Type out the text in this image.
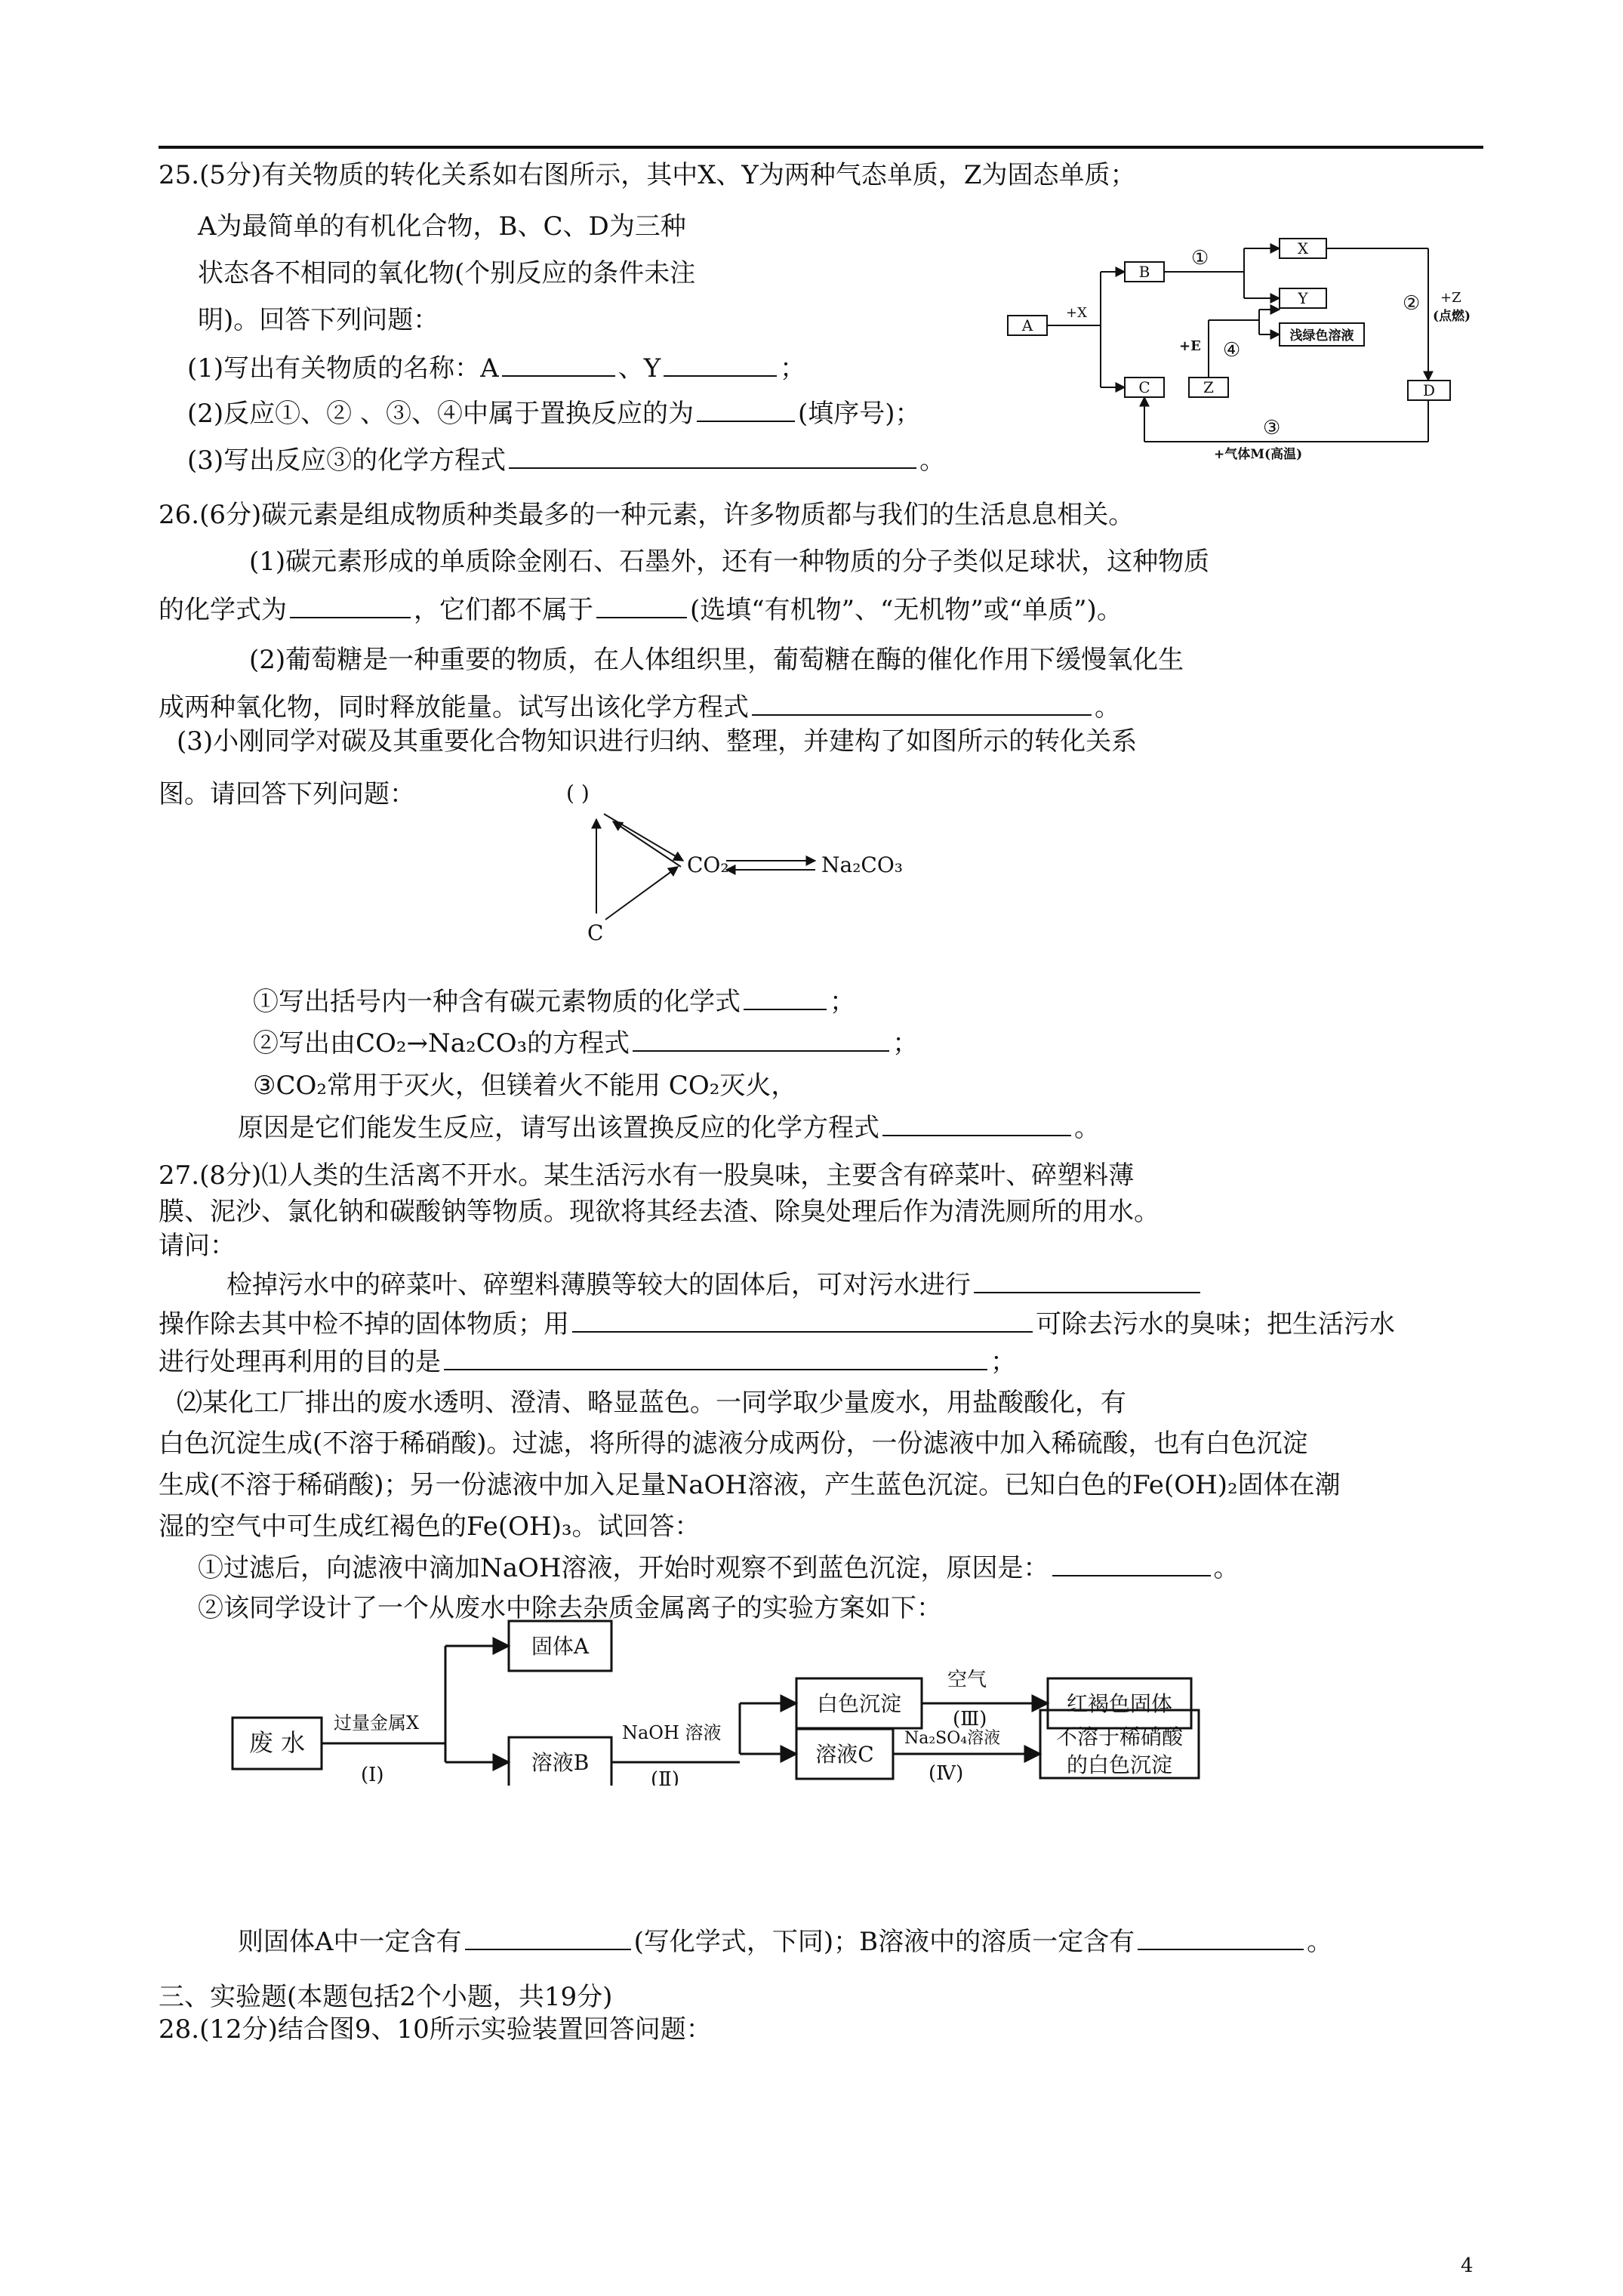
25.(5分)有关物质的转化关系如右图所示，其中X、Y为两种气态单质，Z为固态单质；
A为最简单的有机化合物，B、C、D为三种
状态各不相同的氧化物(个别反应的条件未注
明)。回答下列问题：
(1)写出有关物质的名称：A	、Y	；
(2)反应①、② 、③、④中属于置换反应的为	(填序号)；
(3)写出反应③的化学方程式	。
A
B
C	Z
X
Y
D
浅绿色溶液
+X
+Z
(点燃)
+E
+气体M(高温)
①
②
③
④
26.(6分)碳元素是组成物质种类最多的一种元素，许多物质都与我们的生活息息相关。
(1)碳元素形成的单质除金刚石、石墨外，还有一种物质的分子类似足球状，这种物质
的化学式为	，它们都不属于	(选填“有机物”、“无机物”或“单质”)。
(2)葡萄糖是一种重要的物质，在人体组织里，葡萄糖在酶的催化作用下缓慢氧化生
成两种氧化物，同时释放能量。试写出该化学方程式	。
(3)小刚同学对碳及其重要化合物知识进行归纳、整理，并建构了如图所示的转化关系
图。请回答下列问题：	( )
CO₂	Na₂CO₃
C
①写出括号内一种含有碳元素物质的化学式	；
②写出由CO₂→Na₂CO₃的方程式	；
③CO₂常用于灭火，但镁着火不能用 CO₂灭火，
原因是它们能发生反应，请写出该置换反应的化学方程式	。
27.(8分)⑴人类的生活离不开水。某生活污水有一股臭味，主要含有碎菜叶、碎塑料薄
膜、泥沙、氯化钠和碳酸钠等物质。现欲将其经去渣、除臭处理后作为清洗厕所的用水。
请问：
检掉污水中的碎菜叶、碎塑料薄膜等较大的固体后，可对污水进行
操作除去其中检不掉的固体物质；用	可除去污水的臭味；把生活污水
进行处理再利用的目的是	；
⑵某化工厂排出的废水透明、澄清、略显蓝色。一同学取少量废水，用盐酸酸化，有
白色沉淀生成(不溶于稀硝酸)。过滤，将所得的滤液分成两份，一份滤液中加入稀硫酸，也有白色沉淀
生成(不溶于稀硝酸)；另一份滤液中加入足量NaOH溶液，产生蓝色沉淀。已知白色的Fe(OH)₂固体在潮
湿的空气中可生成红褐色的Fe(OH)₃。试回答：
①过滤后，向滤液中滴加NaOH溶液，开始时观察不到蓝色沉淀，原因是：	。
②该同学设计了一个从废水中除去杂质金属离子的实验方案如下：
废 水
过量金属X
(Ⅰ)
固体A
溶液B
NaOH 溶液
(Ⅱ)
白色沉淀
空气
(Ⅲ)
红褐色固体
溶液C
Na₂SO₄溶液
(Ⅳ)
不溶于稀硝酸
的白色沉淀
则固体A中一定含有	(写化学式，下同)；B溶液中的溶质一定含有	。
三、实验题(本题包括2个小题，共19分)
28.(12分)结合图9、10所示实验装置回答问题：
4
